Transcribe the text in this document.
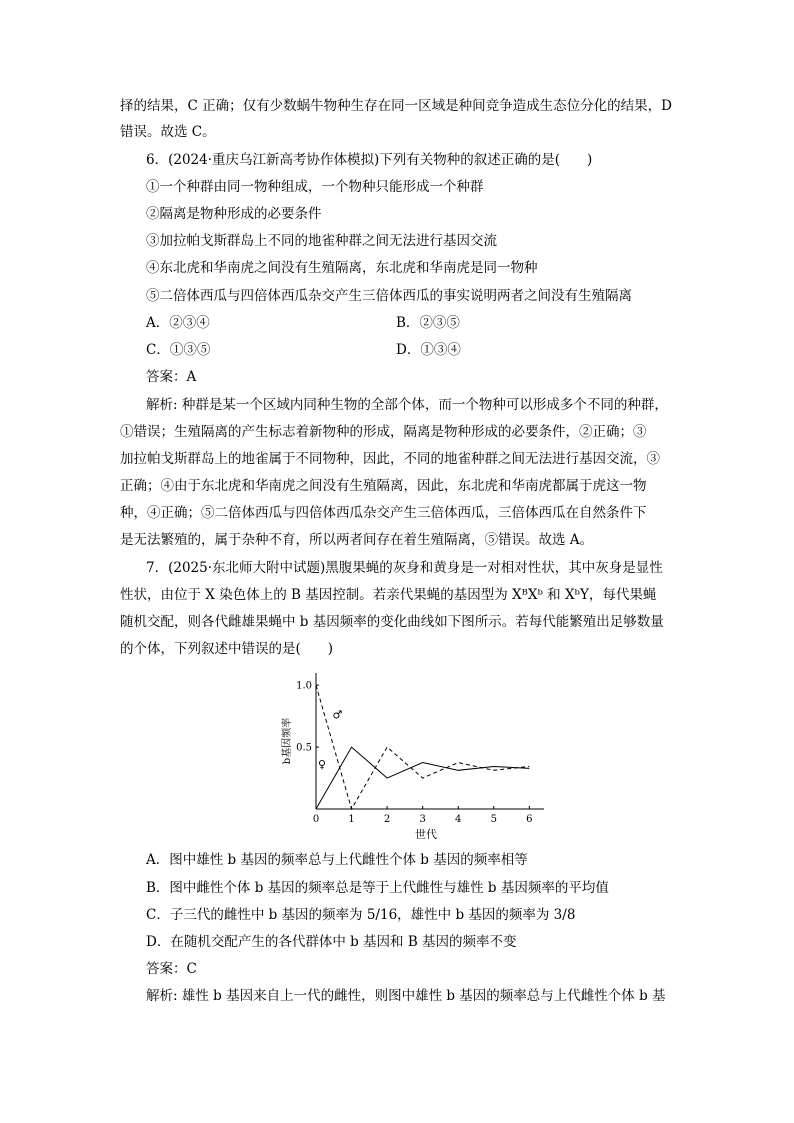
择的结果，C 正确；仅有少数蜗牛物种生存在同一区域是种间竞争造成生态位分化的结果，D
错误。故选 C。
6．(2024·重庆乌江新高考协作体模拟)下列有关物种的叙述正确的是(　　)
①一个种群由同一物种组成，一个物种只能形成一个种群
②隔离是物种形成的必要条件
③加拉帕戈斯群岛上不同的地雀种群之间无法进行基因交流
④东北虎和华南虎之间没有生殖隔离，东北虎和华南虎是同一物种
⑤二倍体西瓜与四倍体西瓜杂交产生三倍体西瓜的事实说明两者之间没有生殖隔离
A．②③④	B．②③⑤
C．①③⑤	D．①③④
答案：A
解析: 种群是某一个区域内同种生物的全部个体，而一个物种可以形成多个不同的种群，
①错误；生殖隔离的产生标志着新物种的形成，隔离是物种形成的必要条件，②正确；③
加拉帕戈斯群岛上的地雀属于不同物种，因此，不同的地雀种群之间无法进行基因交流，③
正确；④由于东北虎和华南虎之间没有生殖隔离，因此，东北虎和华南虎都属于虎这一物
种，④正确；⑤二倍体西瓜与四倍体西瓜杂交产生三倍体西瓜，三倍体西瓜在自然条件下
是无法繁殖的，属于杂种不育，所以两者间存在着生殖隔离，⑤错误。故选 A。
7．(2025·东北师大附中试题)黑腹果蝇的灰身和黄身是一对相对性状，其中灰身是显性
性状，由位于 X 染色体上的 B 基因控制。若亲代果蝇的基因型为 XᴮXᵇ 和 XᵇY，每代果蝇
随机交配，则各代雌雄果蝇中 b 基因频率的变化曲线如下图所示。若每代能繁殖出足够数量
的个体，下列叙述中错误的是(　　)
0	1	2	3	4	5	6
1.0
0.5
世代
b基因频率
♀
♂
A．图中雄性 b 基因的频率总与上代雌性个体 b 基因的频率相等
B．图中雌性个体 b 基因的频率总是等于上代雌性与雄性 b 基因频率的平均值
C．子三代的雌性中 b 基因的频率为 5/16，雄性中 b 基因的频率为 3/8
D．在随机交配产生的各代群体中 b 基因和 B 基因的频率不变
答案：C
解析: 雄性 b 基因来自上一代的雌性，则图中雄性 b 基因的频率总与上代雌性个体 b 基
